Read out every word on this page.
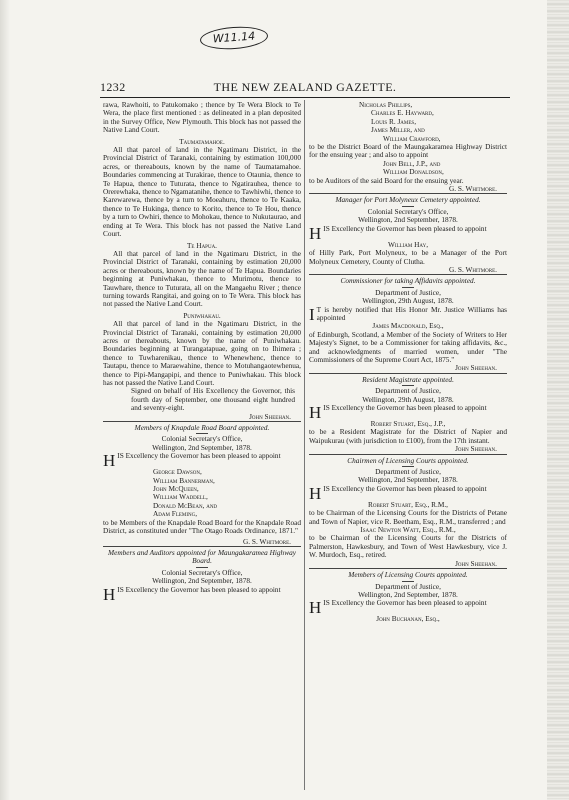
W11.14
THE NEW ZEALAND GAZETTE.
1232

rawa, Rawhoiti, to Patukomako ; thence by Te Wera Block to Te Wera, the place first mentioned : as delineated in a plan deposited in the Survey Office, New Plymouth. This block has not passed the Native Land Court.

Taumatamahoe.

All that parcel of land in the Ngatimaru District, in the Provincial District of Taranaki, containing by estimation 100,000 acres, or thereabouts, known by the name of Taumatamahoe. Boundaries commencing at Turakirae, thence to Otaunia, thence to Te Hapua, thence to Tuturata, thence to Ngatirauhea, thence to Orerewhaka, thence to Ngamatanihe, thence to Tawhiwhi, thence to Karewarewa, thence by a turn to Moeahuru, thence to Te Kaaka, thence to Te Hukinga, thence to Korito, thence to Te Hou, thence by a turn to Owhiri, thence to Mohokau, thence to Nukutaurao, and ending at Te Wera. This block has not passed the Native Land Court.

Te Hapua.

All that parcel of land in the Ngatimaru District, in the Provincial District of Taranaki, containing by estimation 20,000 acres or thereabouts, known by the name of Te Hapua. Boundaries beginning at Puniwhakau, thence to Murimotu, thence to Tauwhare, thence to Tuturata, all on the Mangaehu River ; thence turning towards Rangitai, and going on to Te Wera. This block has not passed the Native Land Court.

Puniwhakau.

All that parcel of land in the Ngatimaru District, in the Provincial District of Taranaki, containing by estimation 20,000 acres or thereabouts, known by the name of Puniwhakau. Boundaries beginning at Turangatapuae, going on to Ihimera ; thence to Tuwharenikau, thence to Whenewhenc, thence to Tautapu, thence to Maraewahine, thence to Motuhangaotewhenua, thence to Pipi-Mangapipi, and thence to Puniwhakau. This block has not passed the Native Land Court.

Signed on behalf of His Excellency the Governor, this fourth day of September, one thousand eight hundred and seventy-eight.

John Sheehan.

Members of Knapdale Road Board appointed.

Colonial Secretary's Office,

Wellington, 2nd September, 1878.

HIS Excellency the Governor has been pleased to appoint

George Dawson,

William Bannerman,

John McQueen,

William Waddell,

Donald McBean, and

Adam Fleming,

to be Members of the Knapdale Road Board for the Knapdale Road District, as constituted under "The Otago Roads Ordinance, 1871."

G. S. Whitmore.

Members and Auditors appointed for Maungakaramea Highway Board.

Colonial Secretary's Office,

Wellington, 2nd September, 1878.

HIS Excellency the Governor has been pleased to appoint

Nicholas Phillips,

Charles E. Hayward,

Louis R. James,

James Miller, and

William Crawford,

to be the District Board of the Maungakaramea Highway District for the ensuing year ; and also to appoint

John Bell, J.P., and

William Donaldson,

to be Auditors of the said Board for the ensuing year.

G. S. Whitmore.

Manager for Port Molyneux Cemetery appointed.

Colonial Secretary's Office,

Wellington, 2nd September, 1878.

HIS Excellency the Governor has been pleased to appoint

William Hay,

of Hilly Park, Port Molyneux, to be a Manager of the Port Molyneux Cemetery, County of Clutha.

G. S. Whitmore.

Commissioner for taking Affidavits appointed.

Department of Justice,

Wellington, 29th August, 1878.

I T is hereby notified that His Honor Mr. Justice Williams has appointed

James Macdonald, Esq.,

of Edinburgh, Scotland, a Member of the Society of Writers to Her Majesty's Signet, to be a Commissioner for taking affidavits, &c., and acknowledgments of married women, under "The Commissioners of the Supreme Court Act, 1875."

John Sheehan.

Resident Magistrate appointed.

Department of Justice,

Wellington, 29th August, 1878.

HIS Excellency the Governor has been pleased to appoint

Robert Stuart, Esq., J.P.,

to be a Resident Magistrate for the District of Napier and Waipukurau (with jurisdiction to £100), from the 17th instant.

John Sheehan.

Chairmen of Licensing Courts appointed.

Department of Justice,

Wellington, 2nd September, 1878.

HIS Excellency the Governor has been pleased to appoint

Robert Stuart, Esq., R.M.,

to be Chairman of the Licensing Courts for the Districts of Petane and Town of Napier, vice R. Beetham, Esq., R.M., transferred ; and

Isaac Newton Watt, Esq., R.M.,

to be Chairman of the Licensing Courts for the Districts of Palmerston, Hawkesbury, and Town of West Hawkesbury, vice J. W. Murdoch, Esq., retired.

John Sheehan.

Members of Licensing Courts appointed.

Department of Justice,

Wellington, 2nd September, 1878.

HIS Excellency the Governor has been pleased to appoint

John Buchanan, Esq.,
